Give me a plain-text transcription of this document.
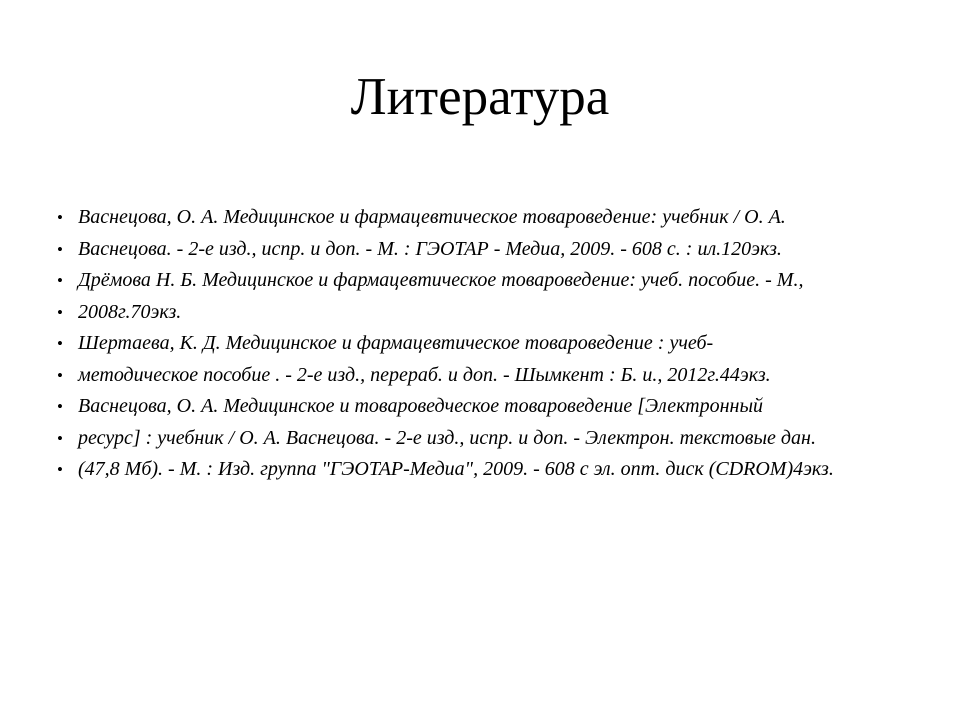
Литература
• Васнецова, О. А. Медицинское и фармацевтическое товароведение: учебник / О. А.
• Васнецова. - 2-е изд., испр. и доп. - М. : ГЭОТАР - Медиа, 2009. - 608 с. : ил.120экз.
• Дрёмова Н. Б. Медицинское и фармацевтическое товароведение: учеб. пособие. - М.,
• 2008г.70экз.
• Шертаева, К. Д. Медицинское и фармацевтическое товароведение : учеб-
• методическое пособие . - 2-е изд., перераб. и доп. - Шымкент : Б. и., 2012г.44экз.
• Васнецова, О. А. Медицинское и товароведческое товароведение [Электронный
• ресурс] : учебник / О. А. Васнецова. - 2-е изд., испр. и доп. - Электрон. текстовые дан.
• (47,8 Мб). - М. : Изд. группа "ГЭОТАР-Медиа", 2009. - 608 с эл. опт. диск (CDROM)4экз.
